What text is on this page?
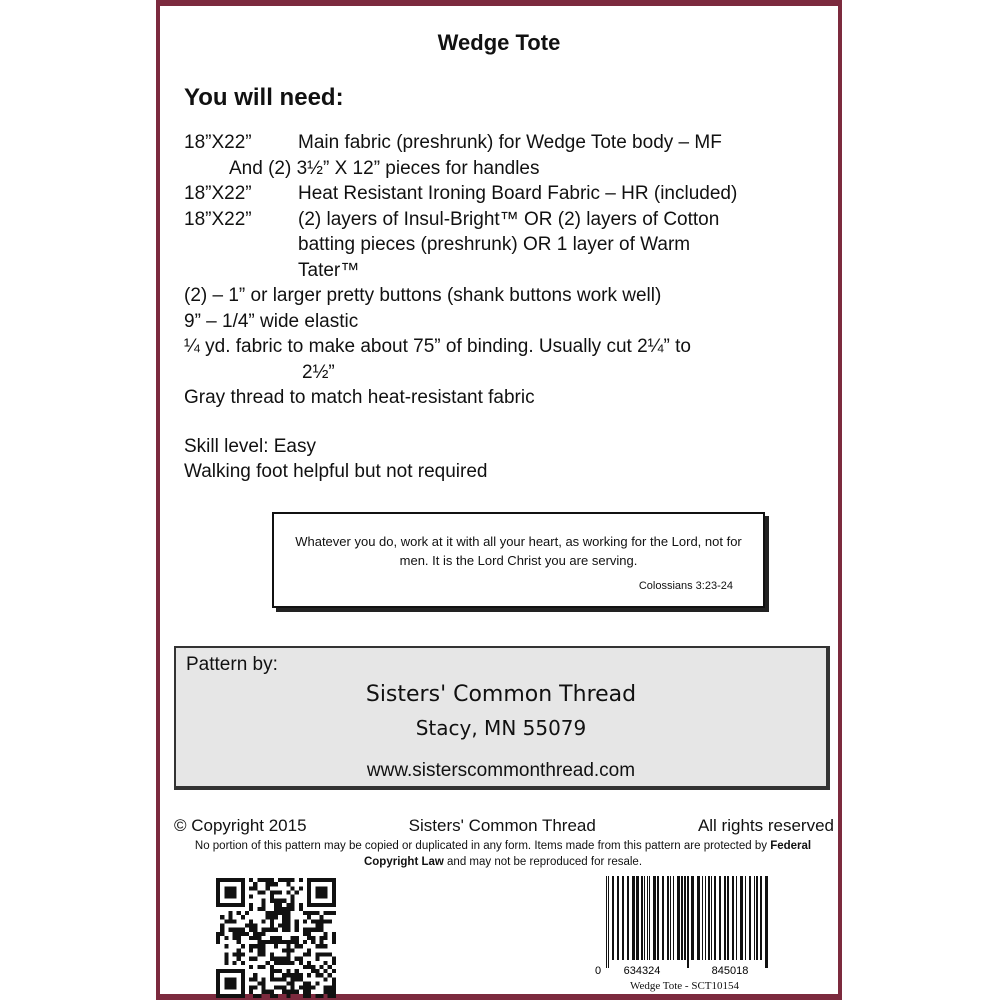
Wedge Tote
You will need:
18”X22”	Main fabric (preshrunk) for Wedge Tote body – MF
And (2) 3½” X 12” pieces for handles
18”X22”	Heat Resistant Ironing Board Fabric – HR (included)
18”X22”	(2) layers of Insul-Bright™ OR (2) layers of Cotton
batting pieces (preshrunk) OR 1 layer of Warm
Tater™
(2) – 1” or larger pretty buttons (shank buttons work well)
9” – 1/4” wide elastic
¼ yd. fabric to make about 75” of binding. Usually cut 2¼” to
2½”
Gray thread to match heat-resistant fabric
Skill level: Easy
Walking foot helpful but not required
Whatever you do, work at it with all your heart, as working for the Lord, not for men. It is the Lord Christ you are serving.
Colossians 3:23-24
Pattern by:
Sisters' Common Thread
Stacy, MN 55079
www.sisterscommonthread.com
© Copyright 2015	Sisters' Common Thread	All rights reserved
No portion of this pattern may be copied or duplicated in any form. Items made from this pattern are protected by Federal Copyright Law and may not be reproduced for resale.
0 634324	845018
Wedge Tote - SCT10154
